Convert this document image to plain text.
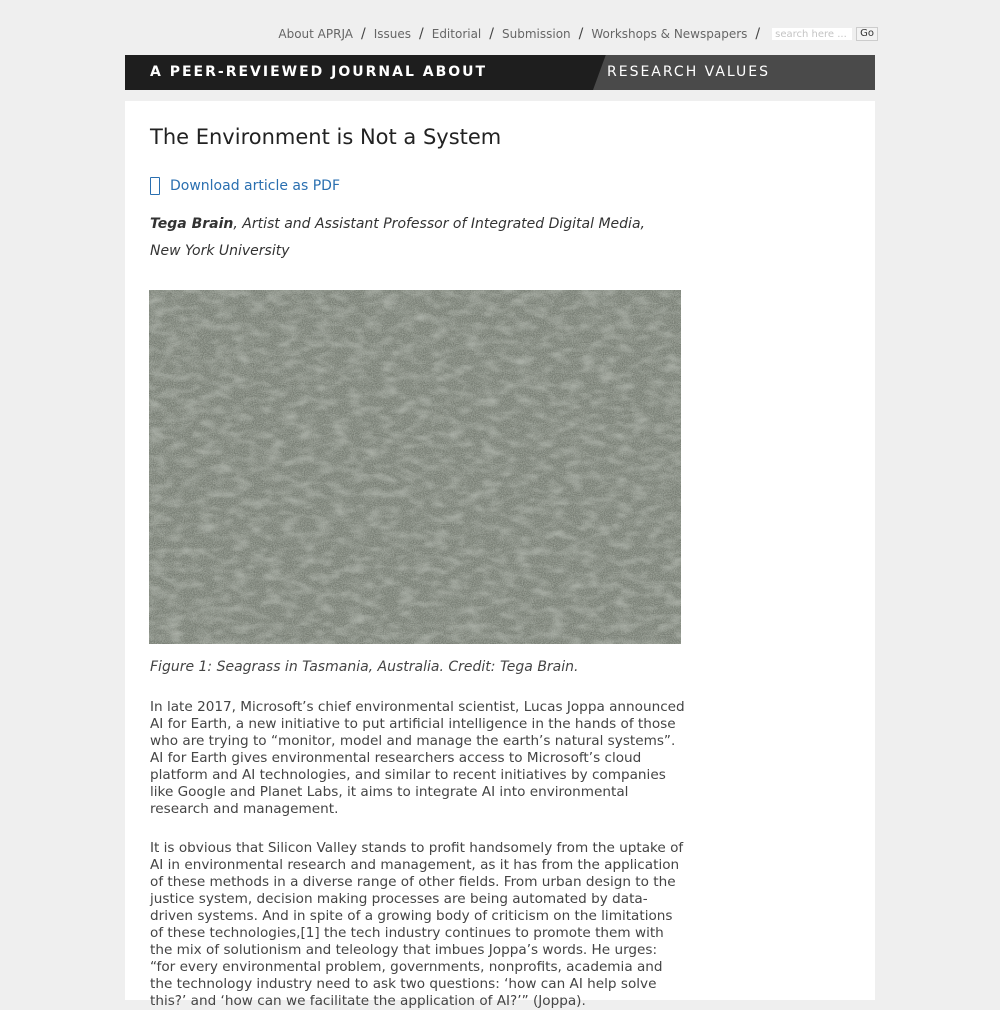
About APRJA / Issues / Editorial / Submission / Workshops & Newspapers /
search here ...	Go
A PEER-REVIEWED JOURNAL ABOUT	RESEARCH VALUES
The Environment is Not a System
Download article as PDF
Tega Brain, Artist and Assistant Professor of Integrated Digital Media, New York University
Figure 1: Seagrass in Tasmania, Australia. Credit: Tega Brain.

In late 2017, Microsoft’s chief environmental scientist, Lucas Joppa announced AI for Earth, a new initiative to put artificial intelligence in the hands of those who are trying to “monitor, model and manage the earth’s natural systems”. AI for Earth gives environmental researchers access to Microsoft’s cloud platform and AI technologies, and similar to recent initiatives by companies like Google and Planet Labs, it aims to integrate AI into environmental research and management.

It is obvious that Silicon Valley stands to profit handsomely from the uptake of AI in environmental research and management, as it has from the application of these methods in a diverse range of other fields. From urban design to the justice system, decision making processes are being automated by data-driven systems. And in spite of a growing body of criticism on the limitations of these technologies,[1] the tech industry continues to promote them with the mix of solutionism and teleology that imbues Joppa’s words. He urges: “for every environmental problem, governments, nonprofits, academia and the technology industry need to ask two questions: ‘how can AI help solve this?’ and ‘how can we facilitate the application of AI?’” (Joppa).
